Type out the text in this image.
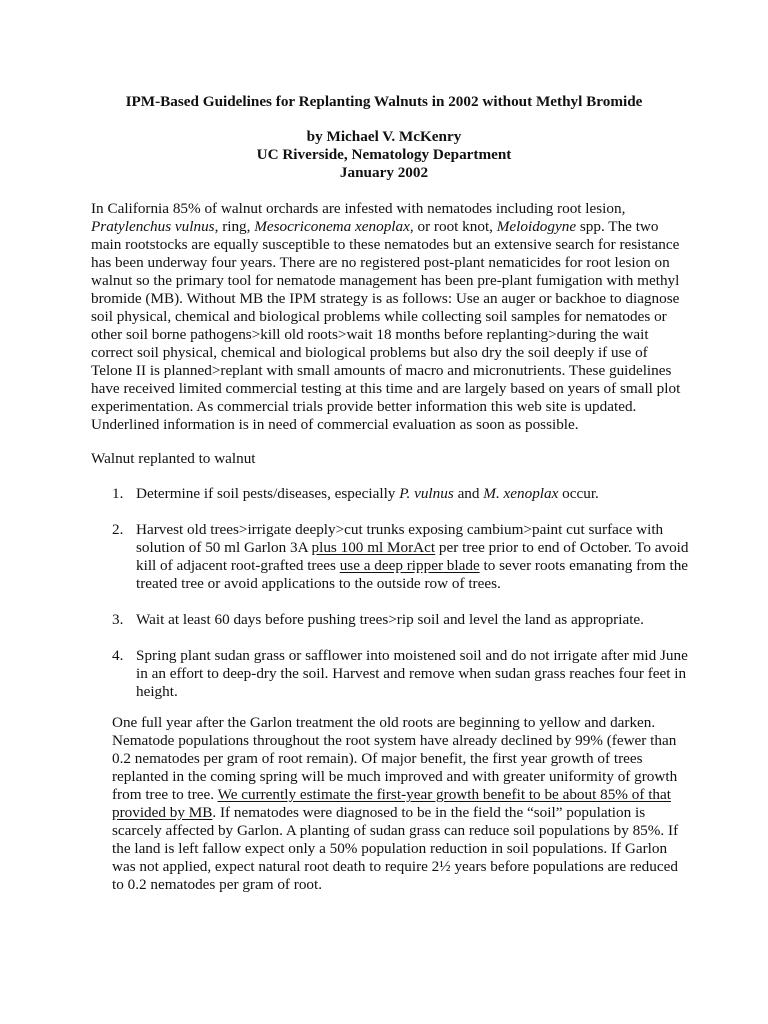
IPM-Based Guidelines for Replanting Walnuts in 2002 without Methyl Bromide
by Michael V. McKenry
UC Riverside, Nematology Department
January 2002

In California 85% of walnut orchards are infested with nematodes including root lesion, Pratylenchus vulnus, ring, Mesocriconema xenoplax, or root knot, Meloidogyne spp. The two main rootstocks are equally susceptible to these nematodes but an extensive search for resistance has been underway four years. There are no registered post-plant nematicides for root lesion on walnut so the primary tool for nematode management has been pre-plant fumigation with methyl bromide (MB). Without MB the IPM strategy is as follows: Use an auger or backhoe to diagnose soil physical, chemical and biological problems while collecting soil samples for nematodes or other soil borne pathogens>kill old roots>wait 18 months before replanting>during the wait correct soil physical, chemical and biological problems but also dry the soil deeply if use of Telone II is planned>replant with small amounts of macro and micronutrients. These guidelines have received limited commercial testing at this time and are largely based on years of small plot experimentation. As commercial trials provide better information this web site is updated. Underlined information is in need of commercial evaluation as soon as possible.

Walnut replanted to walnut

1. Determine if soil pests/diseases, especially P. vulnus and M. xenoplax occur.
2. Harvest old trees>irrigate deeply>cut trunks exposing cambium>paint cut surface with solution of 50 ml Garlon 3A plus 100 ml MorAct per tree prior to end of October. To avoid kill of adjacent root-grafted trees use a deep ripper blade to sever roots emanating from the treated tree or avoid applications to the outside row of trees.
3. Wait at least 60 days before pushing trees>rip soil and level the land as appropriate.
4. Spring plant sudan grass or safflower into moistened soil and do not irrigate after mid June in an effort to deep-dry the soil. Harvest and remove when sudan grass reaches four feet in height.

One full year after the Garlon treatment the old roots are beginning to yellow and darken. Nematode populations throughout the root system have already declined by 99% (fewer than 0.2 nematodes per gram of root remain). Of major benefit, the first year growth of trees replanted in the coming spring will be much improved and with greater uniformity of growth from tree to tree. We currently estimate the first-year growth benefit to be about 85% of that provided by MB. If nematodes were diagnosed to be in the field the “soil” population is scarcely affected by Garlon. A planting of sudan grass can reduce soil populations by 85%. If the land is left fallow expect only a 50% population reduction in soil populations. If Garlon was not applied, expect natural root death to require 2½ years before populations are reduced to 0.2 nematodes per gram of root.
